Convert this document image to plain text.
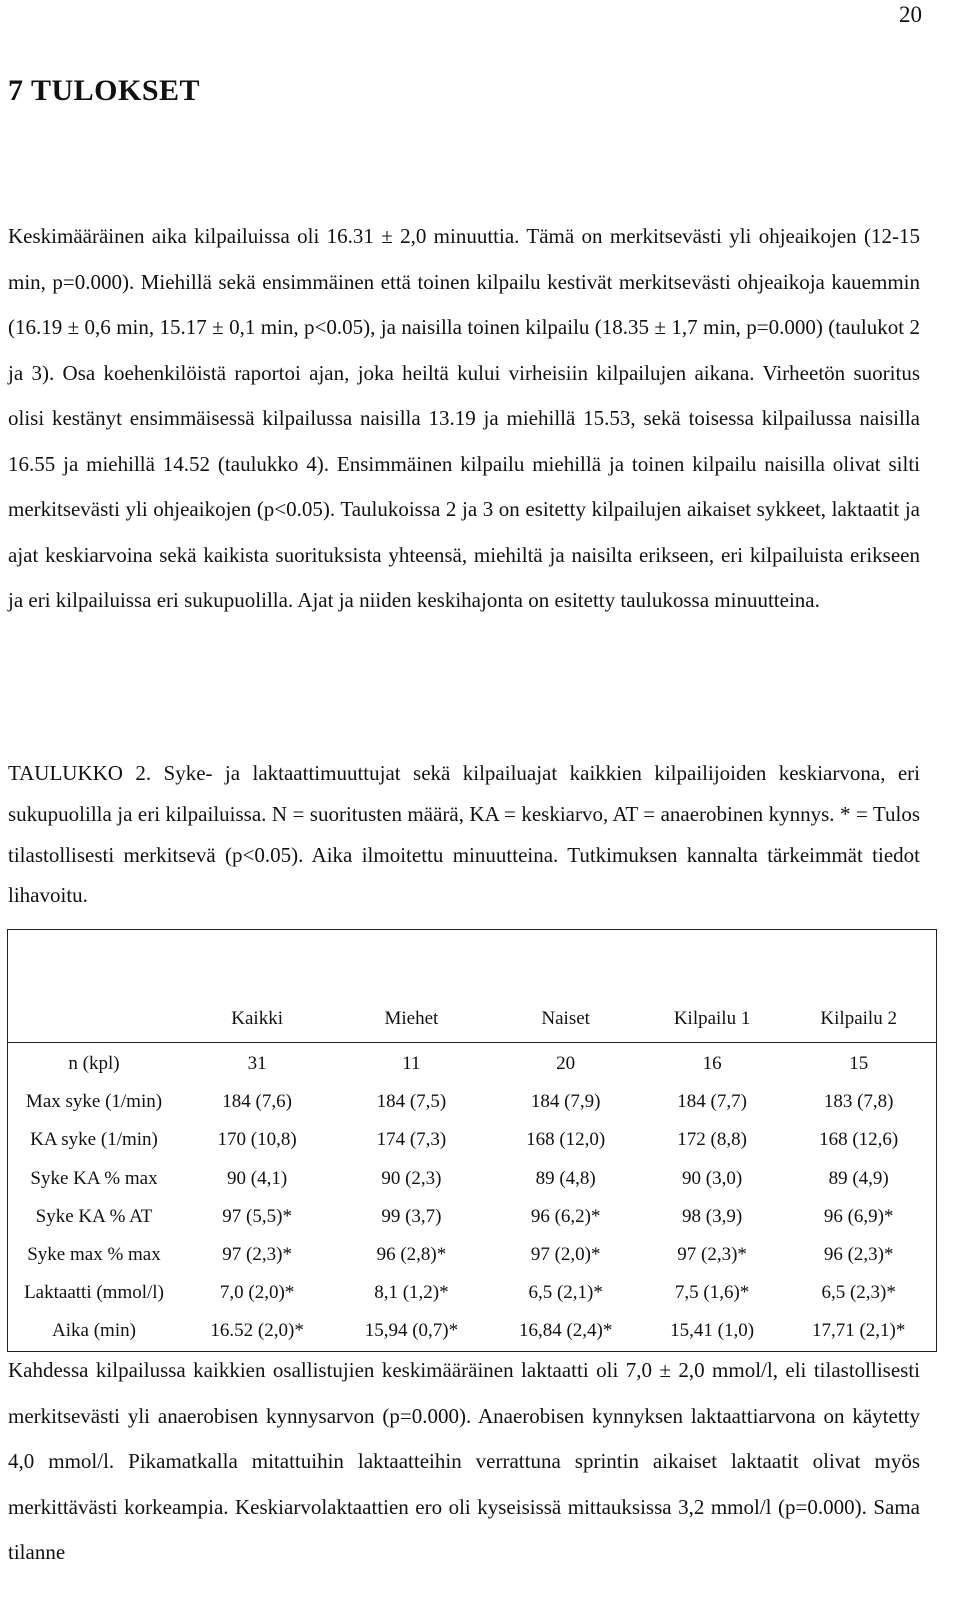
20
7 TULOKSET

Keskimääräinen aika kilpailuissa oli 16.31 ± 2,0 minuuttia. Tämä on merkitsevästi yli ohjeaikojen (12-15 min, p=0.000). Miehillä sekä ensimmäinen että toinen kilpailu kestivät merkitsevästi ohjeaikoja kauemmin (16.19 ± 0,6 min, 15.17 ± 0,1 min, p<0.05), ja naisilla toinen kilpailu (18.35 ± 1,7 min, p=0.000) (taulukot 2 ja 3). Osa koehenkilöistä raportoi ajan, joka heiltä kului virheisiin kilpailujen aikana. Virheetön suoritus olisi kestänyt ensimmäisessä kilpailussa naisilla 13.19 ja miehillä 15.53, sekä toisessa kilpailussa naisilla 16.55 ja miehillä 14.52 (taulukko 4). Ensimmäinen kilpailu miehillä ja toinen kilpailu naisilla olivat silti merkitsevästi yli ohjeaikojen (p<0.05). Taulukoissa 2 ja 3 on esitetty kilpailujen aikaiset sykkeet, laktaatit ja ajat keskiarvoina sekä kaikista suorituksista yhteensä, miehiltä ja naisilta erikseen, eri kilpailuista erikseen ja eri kilpailuissa eri sukupuolilla. Ajat ja niiden keskihajonta on esitetty taulukossa minuutteina.

TAULUKKO 2. Syke- ja laktaattimuuttujat sekä kilpailuajat kaikkien kilpailijoiden keskiarvona, eri sukupuolilla ja eri kilpailuissa. N = suoritusten määrä, KA = keskiarvo, AT = anaerobinen kynnys. * = Tulos tilastollisesti merkitsevä (p<0.05). Aika ilmoitettu minuutteina. Tutkimuksen kannalta tärkeimmät tiedot lihavoitu.

	Kaikki	Miehet	Naiset	Kilpailu 1	Kilpailu 2
n (kpl)	31	11	20	16	15
Max syke (1/min)	184 (7,6)	184 (7,5)	184 (7,9)	184 (7,7)	183 (7,8)
KA syke (1/min)	170 (10,8)	174 (7,3)	168 (12,0)	172 (8,8)	168 (12,6)
Syke KA % max	90 (4,1)	90 (2,3)	89 (4,8)	90 (3,0)	89 (4,9)
Syke KA % AT	97 (5,5)*	99 (3,7)	96 (6,2)*	98 (3,9)	96 (6,9)*
Syke max % max	97 (2,3)*	96 (2,8)*	97 (2,0)*	97 (2,3)*	96 (2,3)*
Laktaatti (mmol/l)	7,0 (2,0)*	8,1 (1,2)*	6,5 (2,1)*	7,5 (1,6)*	6,5 (2,3)*
Aika (min)	16.52 (2,0)*	15,94 (0,7)*	16,84 (2,4)*	15,41 (1,0)	17,71 (2,1)*

Kahdessa kilpailussa kaikkien osallistujien keskimääräinen laktaatti oli 7,0 ± 2,0 mmol/l, eli tilastollisesti merkitsevästi yli anaerobisen kynnysarvon (p=0.000). Anaerobisen kynnyksen laktaattiarvona on käytetty 4,0 mmol/l. Pikamatkalla mitattuihin laktaatteihin verrattuna sprintin aikaiset laktaatit olivat myös merkittävästi korkeampia. Keskiarvolaktaattien ero oli kyseisissä mittauksissa 3,2 mmol/l (p=0.000). Sama tilanne
